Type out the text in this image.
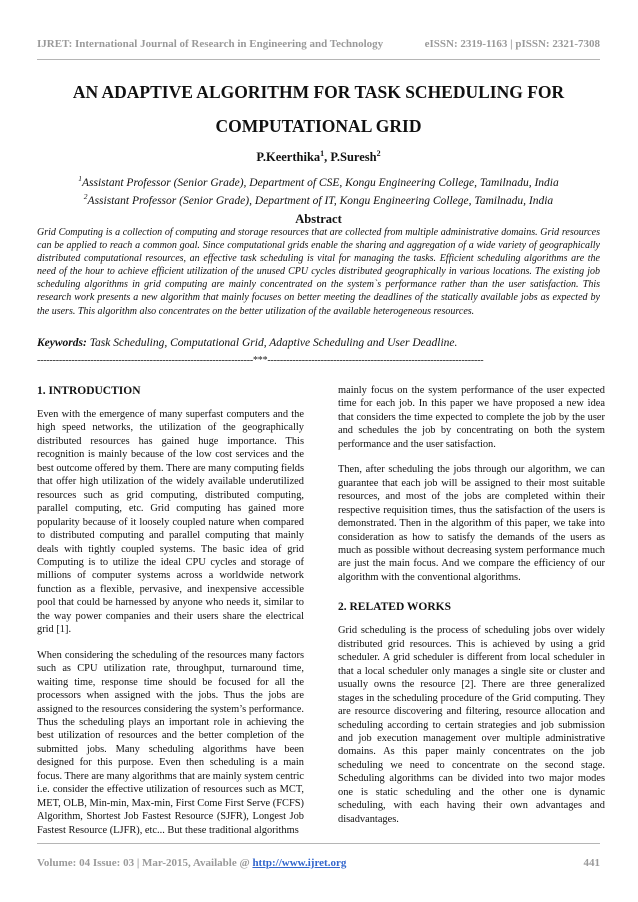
IJRET: International Journal of Research in Engineering and Technology	eISSN: 2319-1163 | pISSN: 2321-7308
AN ADAPTIVE ALGORITHM FOR TASK SCHEDULING FOR
COMPUTATIONAL GRID

P.Keerthika$^1$, P.Suresh$^2$

$^1$Assistant Professor (Senior Grade), Department of CSE, Kongu Engineering College, Tamilnadu, India
$^2$Assistant Professor (Senior Grade), Department of IT, Kongu Engineering College, Tamilnadu, India

Abstract

Grid Computing is a collection of computing and storage resources that are collected from multiple administrative domains. Grid resources can be applied to reach a common goal. Since computational grids enable the sharing and aggregation of a wide variety of geographically distributed computational resources, an effective task scheduling is vital for managing the tasks. Efficient scheduling algorithms are the need of the hour to achieve efficient utilization of the unused CPU cycles distributed geographically in various locations. The existing job scheduling algorithms in grid computing are mainly concentrated on the system`s performance rather than the user satisfaction. This research work presents a new algorithm that mainly focuses on better meeting the deadlines of the statically available jobs as expected by the users. This algorithm also concentrates on the better utilization of the available heterogeneous resources.

Keywords: Task Scheduling, Computational Grid, Adaptive Scheduling and User Deadline.

---------------------------------------------------------------------***---------------------------------------------------------------------
1. INTRODUCTION

Even with the emergence of many superfast computers and the high speed networks, the utilization of the geographically distributed resources has gained huge importance. This recognition is mainly because of the low cost services and the best outcome offered by them. There are many computing fields that offer high utilization of the widely available underutilized resources such as grid computing, distributed computing, parallel computing, etc. Grid computing has gained more popularity because of it loosely coupled nature when compared to distributed computing and parallel computing that mainly deals with tightly coupled systems. The basic idea of grid Computing is to utilize the ideal CPU cycles and storage of millions of computer systems across a worldwide network function as a flexible, pervasive, and inexpensive accessible pool that could be harnessed by anyone who needs it, similar to the way power companies and their users share the electrical grid [1].

When considering the scheduling of the resources many factors such as CPU utilization rate, throughput, turnaround time, waiting time, response time should be focused for all the processors when assigned with the jobs. Thus the jobs are assigned to the resources considering the system’s performance. Thus the scheduling plays an important role in achieving the best utilization of resources and the better completion of the submitted jobs. Many scheduling algorithms have been designed for this purpose. Even then scheduling is a main focus. There are many algorithms that are mainly system centric i.e. consider the effective utilization of resources such as MCT, MET, OLB, Min-min, Max-min, First Come First Serve (FCFS) Algorithm, Shortest Job Fastest Resource (SJFR), Longest Job Fastest Resource (LJFR), etc... But these traditional algorithms

mainly focus on the system performance of the user expected time for each job. In this paper we have proposed a new idea that considers the time expected to complete the job by the user and schedules the job by concentrating on both the system performance and the user satisfaction.

Then, after scheduling the jobs through our algorithm, we can guarantee that each job will be assigned to their most suitable resources, and most of the jobs are completed within their respective requisition times, thus the satisfaction of the users is demonstrated. Then in the algorithm of this paper, we take into consideration as how to satisfy the demands of the users as much as possible without decreasing system performance much are just the main focus. And we compare the efficiency of our algorithm with the conventional algorithms.

2. RELATED WORKS

Grid scheduling is the process of scheduling jobs over widely distributed grid resources. This is achieved by using a grid scheduler. A grid scheduler is different from local scheduler in that a local scheduler only manages a single site or cluster and usually owns the resource [2]. There are three generalized stages in the scheduling procedure of the Grid computing. They are resource discovering and filtering, resource allocation and scheduling according to certain strategies and job submission and job execution management over multiple administrative domains. As this paper mainly concentrates on the job scheduling we need to concentrate on the second stage. Scheduling algorithms can be divided into two major modes one is static scheduling and the other one is dynamic scheduling, with each having their own advantages and disadvantages.

Volume: 04 Issue: 03 | Mar-2015, Available @ http://www.ijret.org	441
